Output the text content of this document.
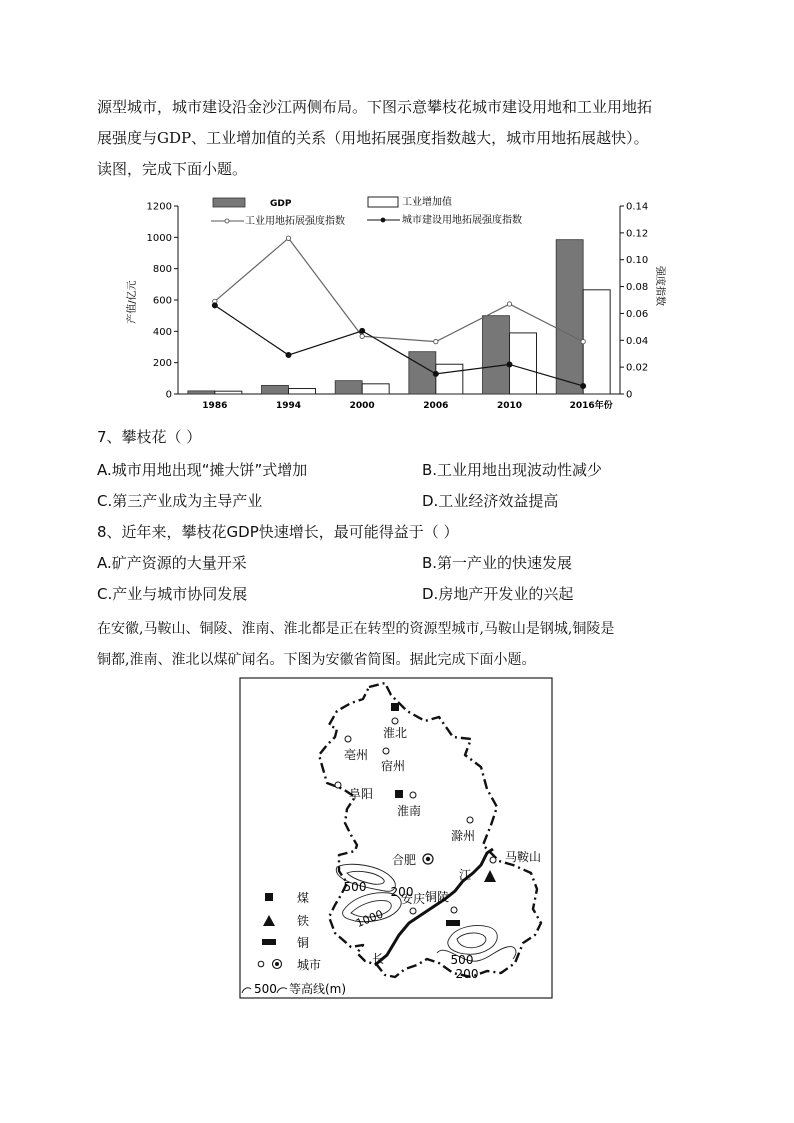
源型城市，城市建设沿金沙江两侧布局。下图示意攀枝花城市建设用地和工业用地拓

展强度与GDP、工业增加值的关系（用地拓展强度指数越大，城市用地拓展越快）。

读图，完成下面小题。

0
200
400
600
800
1000
1200
0
0.02
0.04
0.06
0.08
0.10
0.12
0.14
1986	1994	2000	2006	2010	2016年份
GDP	工业增加值
工业用地拓展强度指数	城市建设用地拓展强度指数
产值/亿元	强度指数
7、攀枝花（ ）
A.城市用地出现“摊大饼”式增加	B.工业用地出现波动性减少
C.第三产业成为主导产业	D.工业经济效益提高
8、近年来，攀枝花GDP快速增长，最可能得益于（ ）
A.矿产资源的大量开采	B.第一产业的快速发展
C.产业与城市协同发展	D.房地产开发业的兴起

在安徽,马鞍山、铜陵、淮南、淮北都是正在转型的资源型城市,马鞍山是钢城,铜陵是

铜都,淮南、淮北以煤矿闻名。下图为安徽省简图。据此完成下面小题。

淮北
亳州
宿州
阜阳
淮南
滁州
合肥	马鞍山
江
铜陵
安庆
长
500 200
1000
500
200
煤
铁
铜
城市
500 等高线(m)
